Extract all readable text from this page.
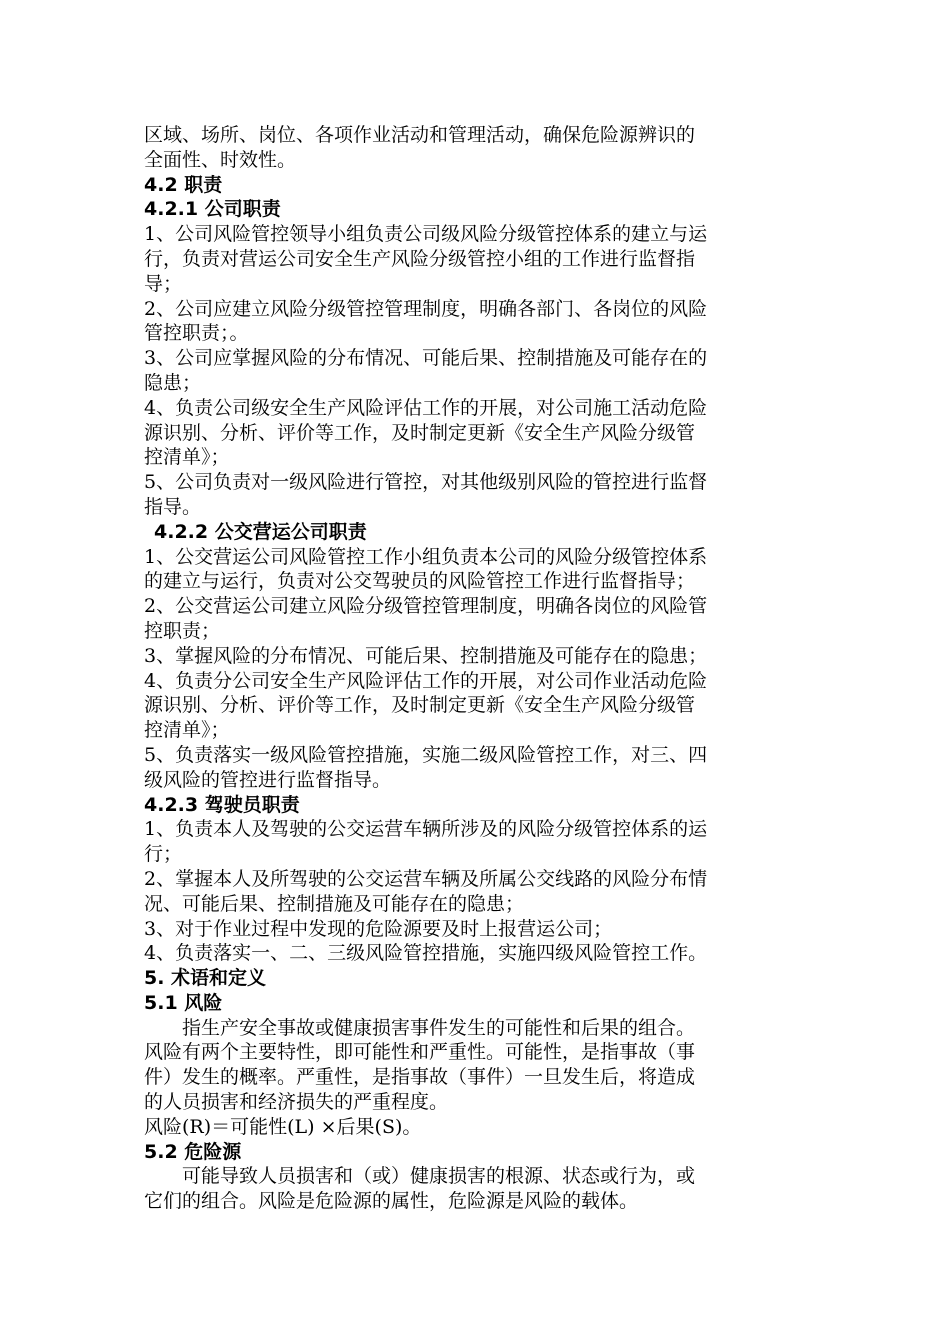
区域、场所、岗位、各项作业活动和管理活动，确保危险源辨识的
全面性、时效性。
4.2 职责
4.2.1 公司职责
1、公司风险管控领导小组负责公司级风险分级管控体系的建立与运
行，负责对营运公司安全生产风险分级管控小组的工作进行监督指
导；
2、公司应建立风险分级管控管理制度，明确各部门、各岗位的风险
管控职责；。
3、公司应掌握风险的分布情况、可能后果、控制措施及可能存在的
隐患；
4、负责公司级安全生产风险评估工作的开展，对公司施工活动危险
源识别、分析、评价等工作，及时制定更新《安全生产风险分级管
控清单》；
5、公司负责对一级风险进行管控，对其他级别风险的管控进行监督
指导。
4.2.2 公交营运公司职责
1、公交营运公司风险管控工作小组负责本公司的风险分级管控体系
的建立与运行，负责对公交驾驶员的风险管控工作进行监督指导；
2、公交营运公司建立风险分级管控管理制度，明确各岗位的风险管
控职责；
3、掌握风险的分布情况、可能后果、控制措施及可能存在的隐患；
4、负责分公司安全生产风险评估工作的开展，对公司作业活动危险
源识别、分析、评价等工作，及时制定更新《安全生产风险分级管
控清单》；
5、负责落实一级风险管控措施，实施二级风险管控工作，对三、四
级风险的管控进行监督指导。
4.2.3 驾驶员职责
1、负责本人及驾驶的公交运营车辆所涉及的风险分级管控体系的运
行；
2、掌握本人及所驾驶的公交运营车辆及所属公交线路的风险分布情
况、可能后果、控制措施及可能存在的隐患；
3、对于作业过程中发现的危险源要及时上报营运公司；
4、负责落实一、二、三级风险管控措施，实施四级风险管控工作。
5. 术语和定义
5.1 风险
指生产安全事故或健康损害事件发生的可能性和后果的组合。
风险有两个主要特性，即可能性和严重性。可能性，是指事故（事
件）发生的概率。严重性，是指事故（事件）一旦发生后，将造成
的人员损害和经济损失的严重程度。
风险(R)＝可能性(L) ×后果(S)。
5.2 危险源
可能导致人员损害和（或）健康损害的根源、状态或行为，或
它们的组合。风险是危险源的属性，危险源是风险的载体。
